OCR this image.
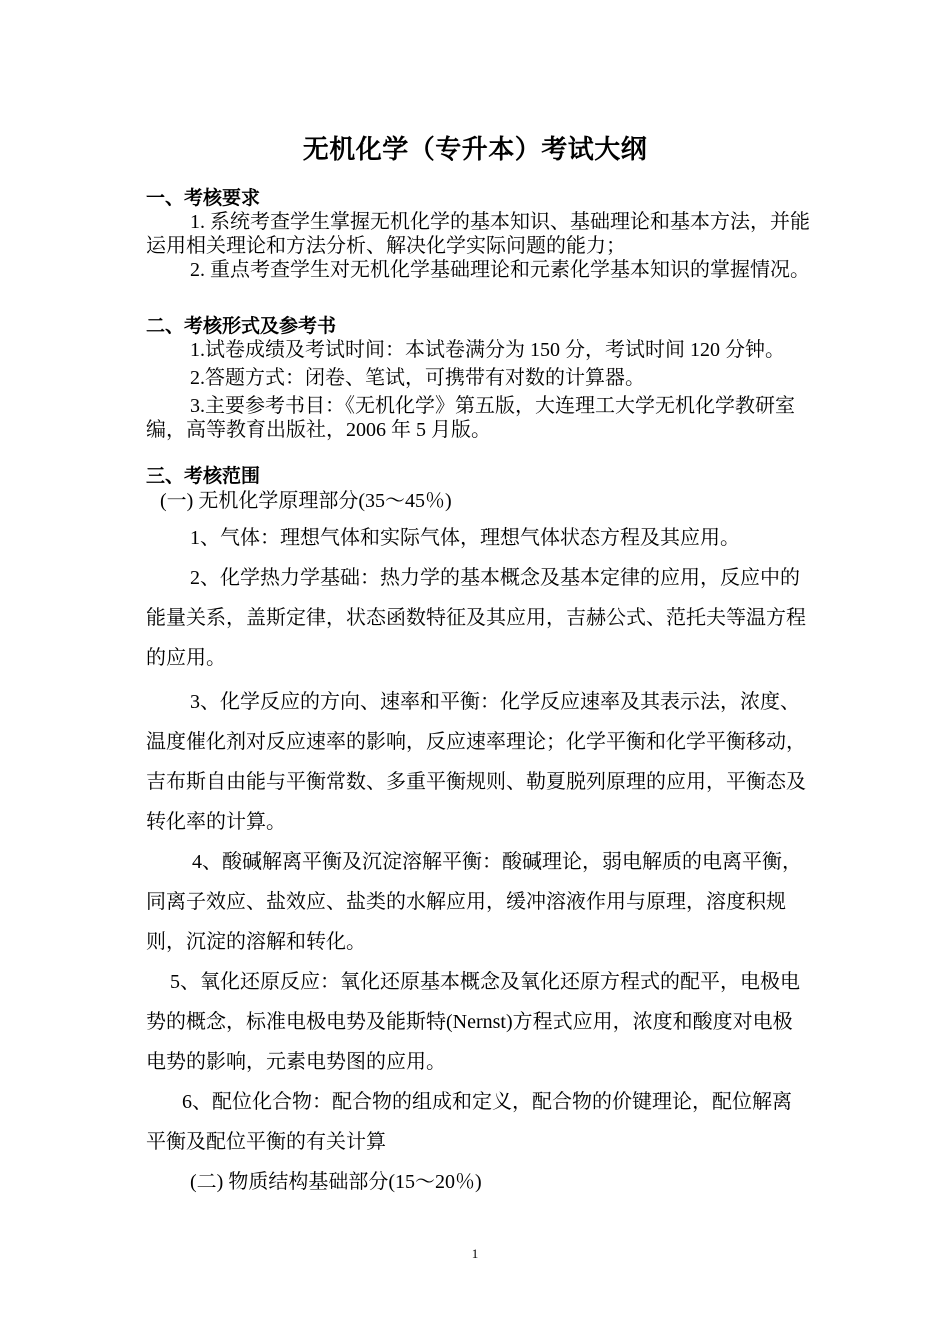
无机化学（专升本）考试大纲
一、考核要求

1. 系统考查学生掌握无机化学的基本知识、基础理论和基本方法，并能运用相关理论和方法分析、解决化学实际问题的能力；

2. 重点考查学生对无机化学基础理论和元素化学基本知识的掌握情况。

二、考核形式及参考书

1.试卷成绩及考试时间：本试卷满分为 150 分，考试时间 120 分钟。

2.答题方式：闭卷、笔试，可携带有对数的计算器。

3.主要参考书目：《无机化学》第五版，大连理工大学无机化学教研室编，高等教育出版社，2006 年 5 月版。

三、考核范围

(一) 无机化学原理部分(35～45％)

1、气体：理想气体和实际气体，理想气体状态方程及其应用。

2、化学热力学基础：热力学的基本概念及基本定律的应用，反应中的能量关系，盖斯定律，状态函数特征及其应用，吉赫公式、范托夫等温方程的应用。

3、化学反应的方向、速率和平衡：化学反应速率及其表示法，浓度、温度催化剂对反应速率的影响，反应速率理论；化学平衡和化学平衡移动，吉布斯自由能与平衡常数、多重平衡规则、勒夏脱列原理的应用，平衡态及转化率的计算。

4、酸碱解离平衡及沉淀溶解平衡：酸碱理论，弱电解质的电离平衡，同离子效应、盐效应、盐类的水解应用，缓冲溶液作用与原理，溶度积规则，沉淀的溶解和转化。

5、氧化还原反应：氧化还原基本概念及氧化还原方程式的配平，电极电势的概念，标准电极电势及能斯特(Nernst)方程式应用，浓度和酸度对电极电势的影响，元素电势图的应用。

6、配位化合物：配合物的组成和定义，配合物的价键理论，配位解离平衡及配位平衡的有关计算

(二) 物质结构基础部分(15～20％)

1
